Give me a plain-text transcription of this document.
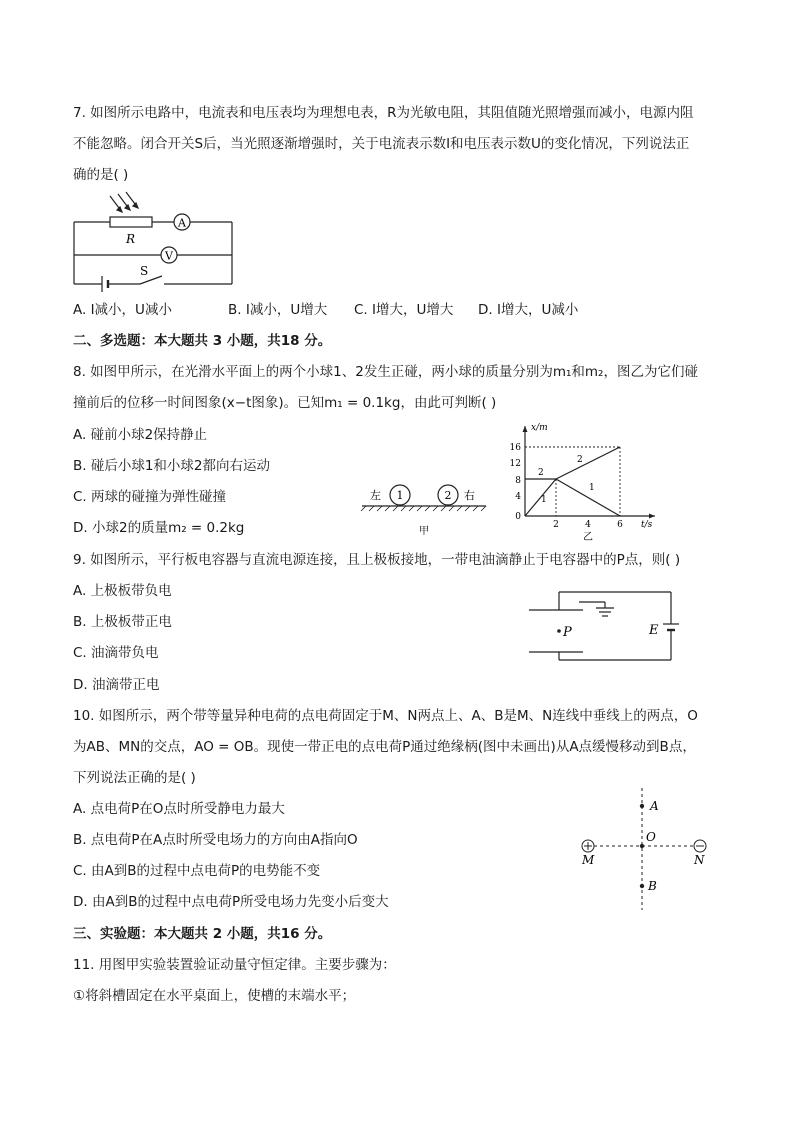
7. 如图所示电路中，电流表和电压表均为理想电表，R为光敏电阻，其阻值随光照增强而减小，电源内阻
不能忽略。闭合开关S后，当光照逐渐增强时，关于电流表示数I和电压表示数U的变化情况，下列说法正
确的是( )
A
V
R
S
A. I减小，U减小	B. I减小，U增大 C. I增大，U增大 D. I增大，U减小
二、多选题：本大题共 3 小题，共18 分。
8. 如图甲所示，在光滑水平面上的两个小球1、2发生正碰，两小球的质量分别为m₁和m₂，图乙为它们碰
撞前后的位移一时间图象(x−t图象)。已知m₁ = 0.1kg，由此可判断( )
A. 碰前小球2保持静止
B. 碰后小球1和小球2都向右运动
C. 两球的碰撞为弹性碰撞
D. 小球2的质量m₂ = 0.2kg
左 1	2 右
甲
x/m
t/s
16
12
8
4
0
2	4	6
2
2
1
1
乙
9. 如图所示，平行板电容器与直流电源连接，且上极板接地，一带电油滴静止于电容器中的P点，则( )
A. 上极板带负电
B. 上极板带正电
C. 油滴带负电
D. 油滴带正电
P	E
10. 如图所示，两个带等量异种电荷的点电荷固定于M、N两点上、A、B是M、N连线中垂线上的两点，O
为AB、MN的交点，AO = OB。现使一带正电的点电荷P通过绝缘柄(图中未画出)从A点缓慢移动到B点，
下列说法正确的是( )
A. 点电荷P在O点时所受静电力最大
B. 点电荷P在A点时所受电场力的方向由A指向O
C. 由A到B的过程中点电荷P的电势能不变
D. 由A到B的过程中点电荷P所受电场力先变小后变大
A
O
B
M	N
三、实验题：本大题共 2 小题，共16 分。
11. 用图甲实验装置验证动量守恒定律。主要步骤为：
①将斜槽固定在水平桌面上，使槽的末端水平；
